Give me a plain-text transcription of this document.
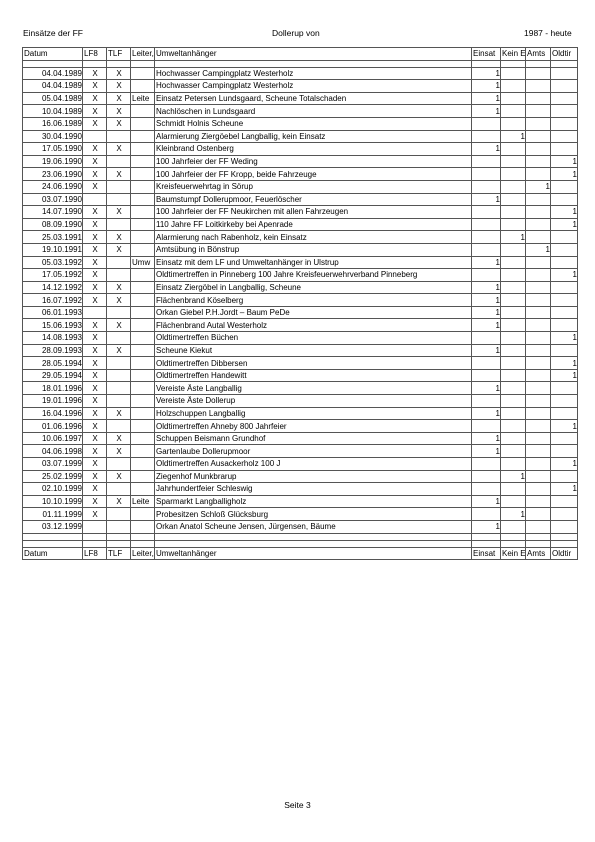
Einsätze der FF	Dollerup von	1987 - heute
Datum	LF8	TLF	Leiter, Umweltanhänger		Einsat	Kein E	Amts	Oldtir

04.04.1989	X	X		Hochwasser Campingplatz Westerholz	1			
04.04.1989	X	X		Hochwasser Campingplatz Westerholz	1			
05.04.1989	X	X	Leite	Einsatz Petersen Lundsgaard, Scheune Totalschaden	1			
10.04.1989	X	X		Nachlöschen in Lundsgaard	1			
16.06.1989	X	X		Schmidt Holnis Scheune				
30.04.1990				Alarmierung Ziergöebel Langballig, kein Einsatz		1		
17.05.1990	X	X		Kleinbrand Ostenberg	1			
19.06.1990	X			100 Jahrfeier der FF Weding				1
23.06.1990	X	X		100 Jahrfeier der FF Kropp, beide Fahrzeuge				1
24.06.1990	X			Kreisfeuerwehrtag in Sörup			1	
03.07.1990				Baumstumpf Dollerupmoor, Feuerlöscher	1			
14.07.1990	X	X		100 Jahrfeier der FF Neukirchen mit allen Fahrzeugen				1
08.09.1990	X			110 Jahre FF Loitkirkeby bei Apenrade				1
25.03.1991	X	X		Alarmierung nach Rabenholz, kein Einsatz		1		
19.10.1991	X	X		Amtsübung in Bönstrup			1	
05.03.1992	X		Umw	Einsatz mit dem LF und Umweltanhänger in Ulstrup	1			
17.05.1992	X			Oldtimertreffen in Pinneberg 100 Jahre Kreisfeuerwehrverband Pinneberg				1
14.12.1992	X	X		Einsatz Ziergöbel in Langballig, Scheune	1			
16.07.1992	X	X		Flächenbrand Köselberg	1			
06.01.1993				Orkan Giebel P.H.Jordt – Baum PeDe	1			
15.06.1993	X	X		Flächenbrand Autal Westerholz	1			
14.08.1993	X			Oldtimertreffen Büchen				1
28.09.1993	X	X		Scheune Kiekut	1			
28.05.1994	X			Oldtimertreffen Dibbersen				1
29.05.1994	X			Oldtimertreffen Handewitt				1
18.01.1996	X			Vereiste Äste Langballig	1			
19.01.1996	X			Vereiste Äste Dollerup				
16.04.1996	X	X		Holzschuppen Langballig	1			
01.06.1996	X			Oldtimertreffen Ahneby 800 Jahrfeier				1
10.06.1997	X	X		Schuppen Beismann Grundhof	1			
04.06.1998	X	X		Gartenlaube Dollerupmoor	1			
03.07.1999	X			Oldtimertreffen Ausackerholz 100 J				1
25.02.1999	X	X		Ziegenhof Munkbrarup		1		
02.10.1999	X			Jahrhundertfeier Schleswig				1
10.10.1999	X	X	Leite	Sparmarkt Langballigholz	1			
01.11.1999	X			Probesitzen Schloß Glücksburg		1		
03.12.1999				Orkan Anatol Scheune Jensen, Jürgensen, Bäume	1			

Datum	LF8	TLF	Leiter, Umweltanhänger		Einsat	Kein E	Amts	Oldtir
Seite 3
